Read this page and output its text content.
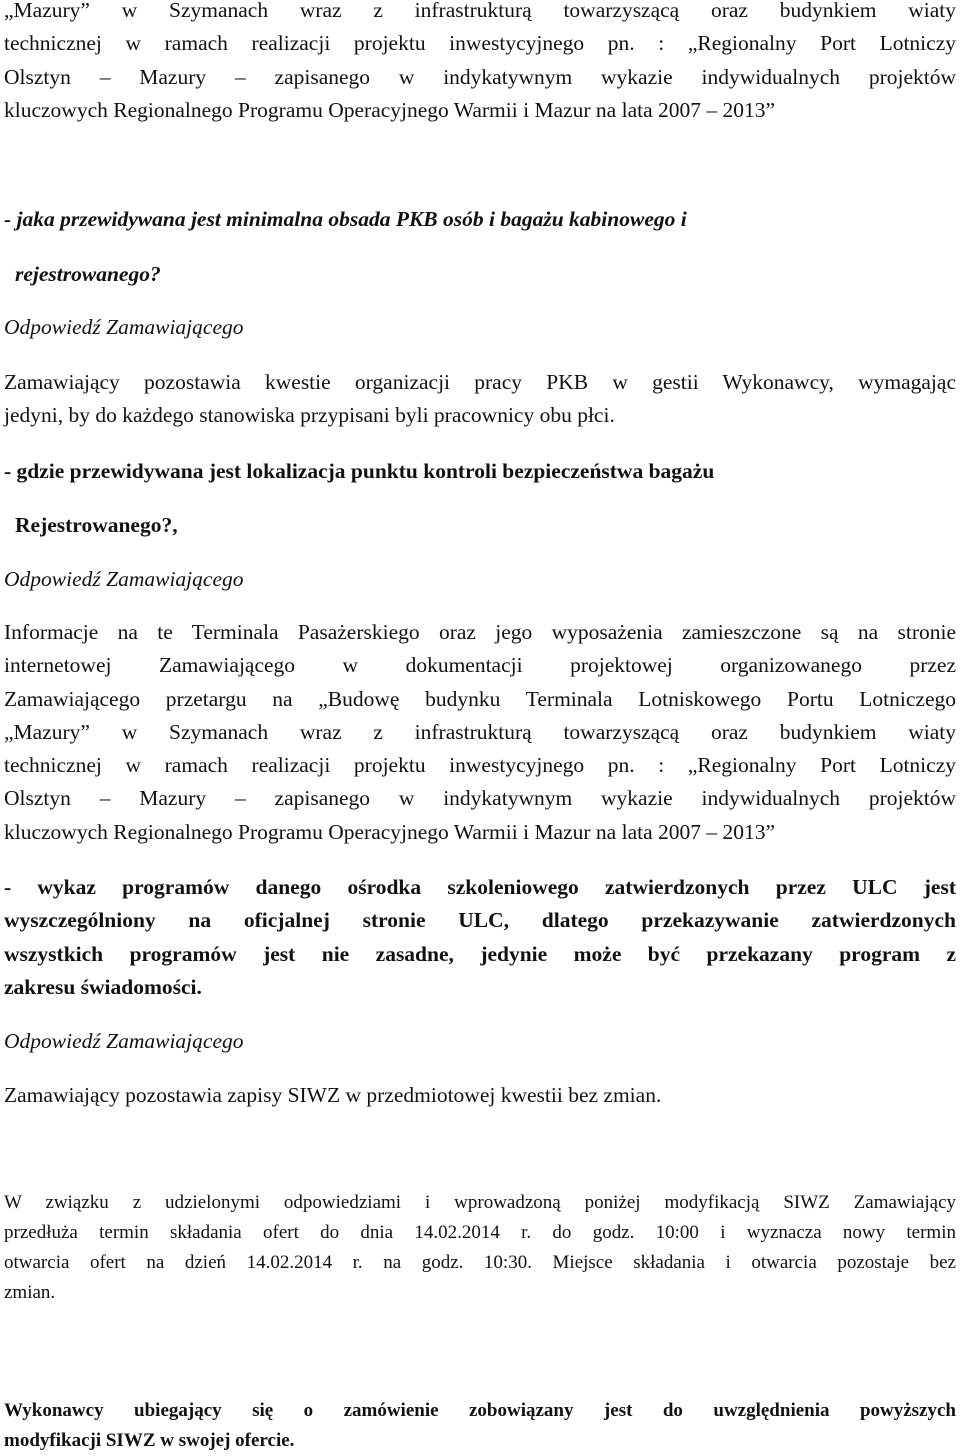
„Mazury” w Szymanach wraz z infrastrukturą towarzyszącą oraz budynkiem wiaty
technicznej w ramach realizacji projektu inwestycyjnego pn. : „Regionalny Port Lotniczy
Olsztyn – Mazury – zapisanego w indykatywnym wykazie indywidualnych projektów
kluczowych Regionalnego Programu Operacyjnego Warmii i Mazur na lata 2007 – 2013”
- jaka przewidywana jest minimalna obsada PKB osób i bagażu kabinowego i
rejestrowanego?
Odpowiedź Zamawiającego
Zamawiający pozostawia kwestie organizacji pracy PKB w gestii Wykonawcy, wymagając
jedyni, by do każdego stanowiska przypisani byli pracownicy obu płci.
- gdzie przewidywana jest lokalizacja punktu kontroli bezpieczeństwa bagażu
Rejestrowanego?,
Odpowiedź Zamawiającego
Informacje na te Terminala Pasażerskiego oraz jego wyposażenia zamieszczone są na stronie
internetowej Zamawiającego w dokumentacji projektowej organizowanego przez
Zamawiającego przetargu na „Budowę budynku Terminala Lotniskowego Portu Lotniczego
„Mazury” w Szymanach wraz z infrastrukturą towarzyszącą oraz budynkiem wiaty
technicznej w ramach realizacji projektu inwestycyjnego pn. : „Regionalny Port Lotniczy
Olsztyn – Mazury – zapisanego w indykatywnym wykazie indywidualnych projektów
kluczowych Regionalnego Programu Operacyjnego Warmii i Mazur na lata 2007 – 2013”
- wykaz programów danego ośrodka szkoleniowego zatwierdzonych przez ULC jest
wyszczególniony na oficjalnej stronie ULC, dlatego przekazywanie zatwierdzonych
wszystkich programów jest nie zasadne, jedynie może być przekazany program z
zakresu świadomości.
Odpowiedź Zamawiającego
Zamawiający pozostawia zapisy SIWZ w przedmiotowej kwestii bez zmian.
W związku z udzielonymi odpowiedziami i wprowadzoną poniżej modyfikacją SIWZ Zamawiający
przedłuża termin składania ofert do dnia 14.02.2014 r. do godz. 10:00 i wyznacza nowy termin
otwarcia ofert na dzień 14.02.2014 r. na godz. 10:30. Miejsce składania i otwarcia pozostaje bez
zmian.
Wykonawcy ubiegający się o zamówienie zobowiązany jest do uwzględnienia powyższych
modyfikacji SIWZ w swojej ofercie.
